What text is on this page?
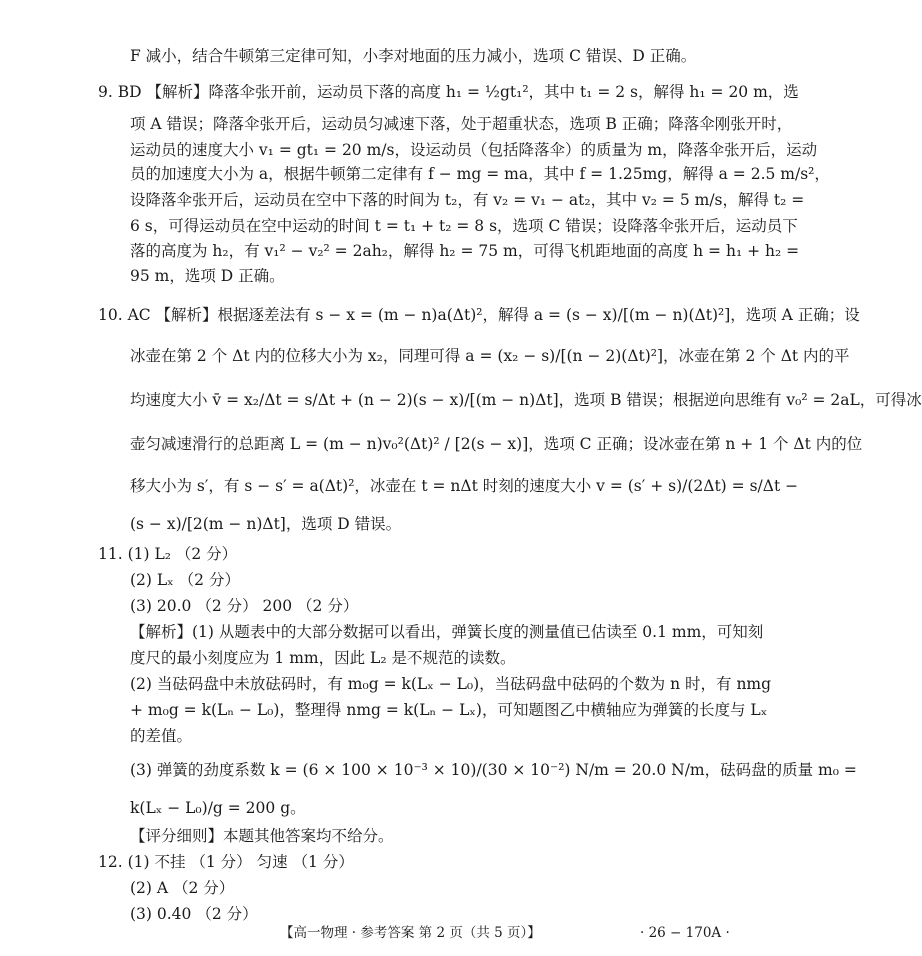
F 减小，结合牛顿第三定律可知，小李对地面的压力减小，选项 C 错误、D 正确。
9. BD 【解析】降落伞张开前，运动员下落的高度 h₁ = ½gt₁²，其中 t₁ = 2 s，解得 h₁ = 20 m，选
项 A 错误；降落伞张开后，运动员匀减速下落，处于超重状态，选项 B 正确；降落伞刚张开时，
运动员的速度大小 v₁ = gt₁ = 20 m/s，设运动员（包括降落伞）的质量为 m，降落伞张开后，运动
员的加速度大小为 a，根据牛顿第二定律有 f − mg = ma，其中 f = 1.25mg，解得 a = 2.5 m/s²，
设降落伞张开后，运动员在空中下落的时间为 t₂，有 v₂ = v₁ − at₂，其中 v₂ = 5 m/s，解得 t₂ =
6 s，可得运动员在空中运动的时间 t = t₁ + t₂ = 8 s，选项 C 错误；设降落伞张开后，运动员下
落的高度为 h₂，有 v₁² − v₂² = 2ah₂，解得 h₂ = 75 m，可得飞机距地面的高度 h = h₁ + h₂ =
95 m，选项 D 正确。
10. AC 【解析】根据逐差法有 s − x = (m − n)a(Δt)²，解得 a = (s − x)/[(m − n)(Δt)²]，选项 A 正确；设
冰壶在第 2 个 Δt 内的位移大小为 x₂，同理可得 a = (x₂ − s)/[(n − 2)(Δt)²]，冰壶在第 2 个 Δt 内的平
均速度大小 v̄ = x₂/Δt = s/Δt + (n − 2)(s − x)/[(m − n)Δt]，选项 B 错误；根据逆向思维有 v₀² = 2aL，可得冰
壶匀减速滑行的总距离 L = (m − n)v₀²(Δt)² / [2(s − x)]，选项 C 正确；设冰壶在第 n + 1 个 Δt 内的位
移大小为 s′，有 s − s′ = a(Δt)²，冰壶在 t = nΔt 时刻的速度大小 v = (s′ + s)/(2Δt) = s/Δt −
(s − x)/[2(m − n)Δt]，选项 D 错误。
11. (1) L₂ （2 分）
(2) Lₓ （2 分）
(3) 20.0 （2 分） 200 （2 分）
【解析】(1) 从题表中的大部分数据可以看出，弹簧长度的测量值已估读至 0.1 mm，可知刻
度尺的最小刻度应为 1 mm，因此 L₂ 是不规范的读数。
(2) 当砝码盘中未放砝码时，有 m₀g = k(Lₓ − L₀)，当砝码盘中砝码的个数为 n 时，有 nmg
+ m₀g = k(Lₙ − L₀)，整理得 nmg = k(Lₙ − Lₓ)，可知题图乙中横轴应为弹簧的长度与 Lₓ
的差值。
(3) 弹簧的劲度系数 k = (6 × 100 × 10⁻³ × 10)/(30 × 10⁻²) N/m = 20.0 N/m，砝码盘的质量 m₀ =
k(Lₓ − L₀)/g = 200 g。
【评分细则】本题其他答案均不给分。
12. (1) 不挂 （1 分） 匀速 （1 分）
(2) A （2 分）
(3) 0.40 （2 分）
【高一物理 · 参考答案 第 2 页（共 5 页）】	· 26 − 170A ·
